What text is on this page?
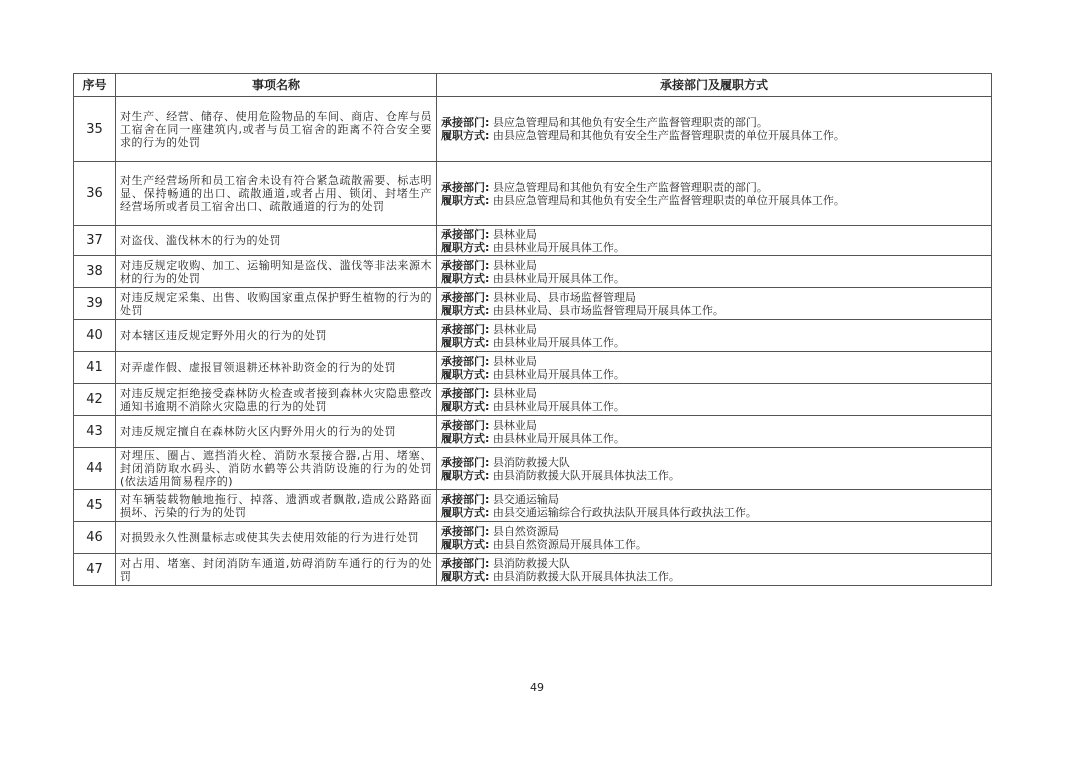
序号	事项名称	承接部门及履职方式
35	对生产、经营、储存、使用危险物品的车间、商店、仓库与员工宿舍在同一座建筑内,或者与员工宿舍的距离不符合安全要求的行为的处罚	承接部门: 县应急管理局和其他负有安全生产监督管理职责的部门。
履职方式: 由县应急管理局和其他负有安全生产监督管理职责的单位开展具体工作。

36	对生产经营场所和员工宿舍未设有符合紧急疏散需要、标志明显、保持畅通的出口、疏散通道,或者占用、锁闭、封堵生产经营场所或者员工宿舍出口、疏散通道的行为的处罚	承接部门: 县应急管理局和其他负有安全生产监督管理职责的部门。
履职方式: 由县应急管理局和其他负有安全生产监督管理职责的单位开展具体工作。

37	对盗伐、滥伐林木的行为的处罚	承接部门: 县林业局
履职方式: 由县林业局开展具体工作。

38	对违反规定收购、加工、运输明知是盗伐、滥伐等非法来源木材的行为的处罚	承接部门: 县林业局
履职方式: 由县林业局开展具体工作。

39	对违反规定采集、出售、收购国家重点保护野生植物的行为的处罚	承接部门: 县林业局、县市场监督管理局
履职方式: 由县林业局、县市场监督管理局开展具体工作。

40	对本辖区违反规定野外用火的行为的处罚	承接部门: 县林业局
履职方式: 由县林业局开展具体工作。

41	对弄虚作假、虚报冒领退耕还林补助资金的行为的处罚	承接部门: 县林业局
履职方式: 由县林业局开展具体工作。

42	对违反规定拒绝接受森林防火检查或者接到森林火灾隐患整改通知书逾期不消除火灾隐患的行为的处罚	承接部门: 县林业局
履职方式: 由县林业局开展具体工作。

43	对违反规定擅自在森林防火区内野外用火的行为的处罚	承接部门: 县林业局
履职方式: 由县林业局开展具体工作。

44	对埋压、圈占、遮挡消火栓、消防水泵接合器,占用、堵塞、封闭消防取水码头、消防水鹤等公共消防设施的行为的处罚(依法适用简易程序的)	承接部门: 县消防救援大队
履职方式: 由县消防救援大队开展具体执法工作。

45	对车辆装载物触地拖行、掉落、遗洒或者飘散,造成公路路面损坏、污染的行为的处罚	承接部门: 县交通运输局
履职方式: 由县交通运输综合行政执法队开展具体行政执法工作。

46	对损毁永久性测量标志或使其失去使用效能的行为进行处罚	承接部门: 县自然资源局
履职方式: 由县自然资源局开展具体工作。

47	对占用、堵塞、封闭消防车通道,妨碍消防车通行的行为的处罚	承接部门: 县消防救援大队
履职方式: 由县消防救援大队开展具体执法工作。
49
